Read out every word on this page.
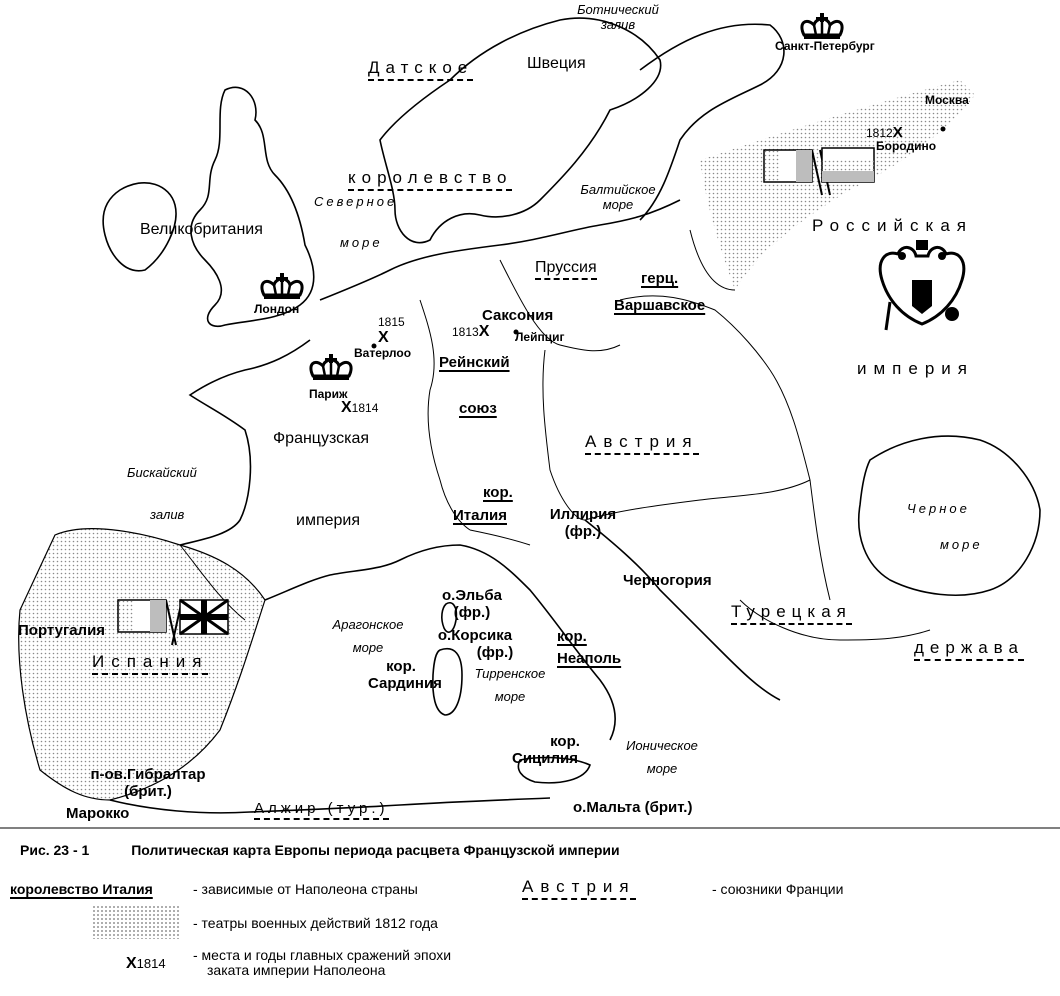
Ботнический
залив
Северное
море
Балтийское
море
Бискайский
залив	Черное
море
Арагонское
море
Тирренское
море
Ионическое
море
Датское
королевство
Швеция
Великобритания
Пруссия
герц.
Варшавское
Российская
империя
Саксония
Рейнский
союз
Австрия
Французская
империя
кор.
Италия	Иллирия
(фр.)
Черногория
Турецкая
держава
Португалия
Испания
кор.
Неаполь
кор.
Сардиния
кор.
Сицилия
о.Эльба
(фр.)
о.Корсика
(фр.)
п-ов.Гибралтар
(брит.)
Марокко	Алжир (тур.)	о.Мальта (брит.)
Санкт-Петербург
Москва
1812Х
Бородино
Лондон
1815
Х
Ватерлоо
Париж
Х1814
1813Х Лейпциг
Рис. 23 - 1	Политическая карта Европы периода расцвета Французской империи
королевство Италия	- зависимые от Наполеона страны	Австрия	- союзники Франции
- театры военных действий 1812 года
Х1814
- места и годы главных сражений эпохи
заката империи Наполеона
